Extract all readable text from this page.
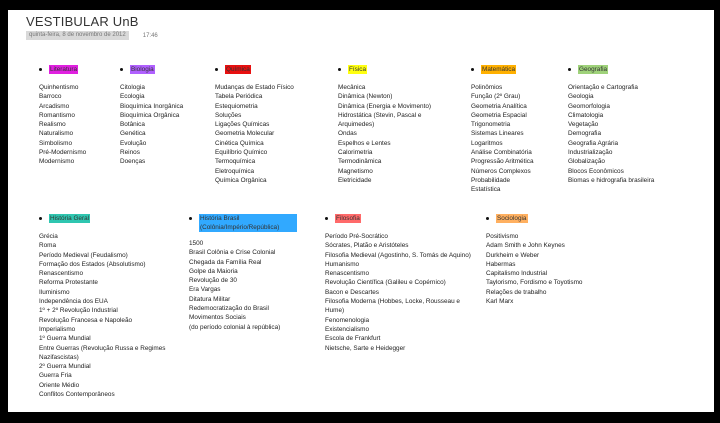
VESTIBULAR UnB
quinta-feira, 8 de novembro de 2012	17:46
Literatura
Quinhentismo
Barroco
Arcadismo
Romantismo
Realismo
Naturalismo
Simbolismo
Pré-Modernismo
Modernismo
Biologia
Citologia
Ecologia
Bioquímica Inorgânica
Bioquímica Orgânica
Botânica
Genética
Evolução
Reinos
Doenças
Química
Mudanças de Estado Físico
Tabela Periódica
Estequiometria
Soluções
Ligações Químicas
Geometria Molecular
Cinética Química
Equilíbrio Químico
Termoquímica
Eletroquímica
Química Orgânica
Física
Mecânica
Dinâmica (Newton)
Dinâmica (Energia e Movimento)
Hidrostática (Stevin, Pascal e Arquimedes)
Ondas
Espelhos e Lentes
Calorimetria
Termodinâmica
Magnetismo
Eletricidade
Matemática
Polinômios
Função (2º Grau)
Geometria Analítica
Geometria Espacial
Trigonometria
Sistemas Lineares
Logaritmos
Análise Combinatória
Progressão Aritmética
Números Complexos
Probabilidade
Estatística
Geografia
Orientação e Cartografia
Geologia
Geomorfologia
Climatologia
Vegetação
Demografia
Geografia Agrária
Industrialização
Globalização
Blocos Econômicos
Biomas e hidrografia brasileira
História Geral
Grécia
Roma
Período Medieval (Feudalismo)
Formação dos Estados (Absolutismo)
Renascentismo
Reforma Protestante
Iluminismo
Independência dos EUA
1º + 2º Revolução Industrial
Revolução Francesa e Napoleão
Imperialismo
1º Guerra Mundial
Entre Guerras (Revolução Russa e Regimes Nazifascistas)
2º Guerra Mundial
Guerra Fria
Oriente Médio
Conflitos Contemporâneos
História Brasil (Colônia/Império/República)
1500
Brasil Colônia e Crise Colonial
Chegada da Família Real
Golpe da Maioria
Revolução de 30
Era Vargas
Ditatura Militar
Redemocratização do Brasil
Movimentos Sociais
(do período colonial à república)
Filosofia
Período Pré-Socrático
Sócrates, Platão e Aristóteles
Filosofia Medieval (Agostinho, S. Tomás de Aquino)
Humanismo
Renascentismo
Revolução Científica (Galileu e Copérnico)
Bacon e Descartes
Filosofia Moderna (Hobbes, Locke, Rousseau e Hume)
Fenomenologia
Existencialismo
Escola de Frankfurt
Nietsche, Sarte e Heidegger
Sociologia
Positivismo
Adam Smith e John Keynes
Durkheim e Weber
Habermas
Capitalismo Industrial
Taylorismo, Fordismo e Toyotismo
Relações de trabalho
Karl Marx
